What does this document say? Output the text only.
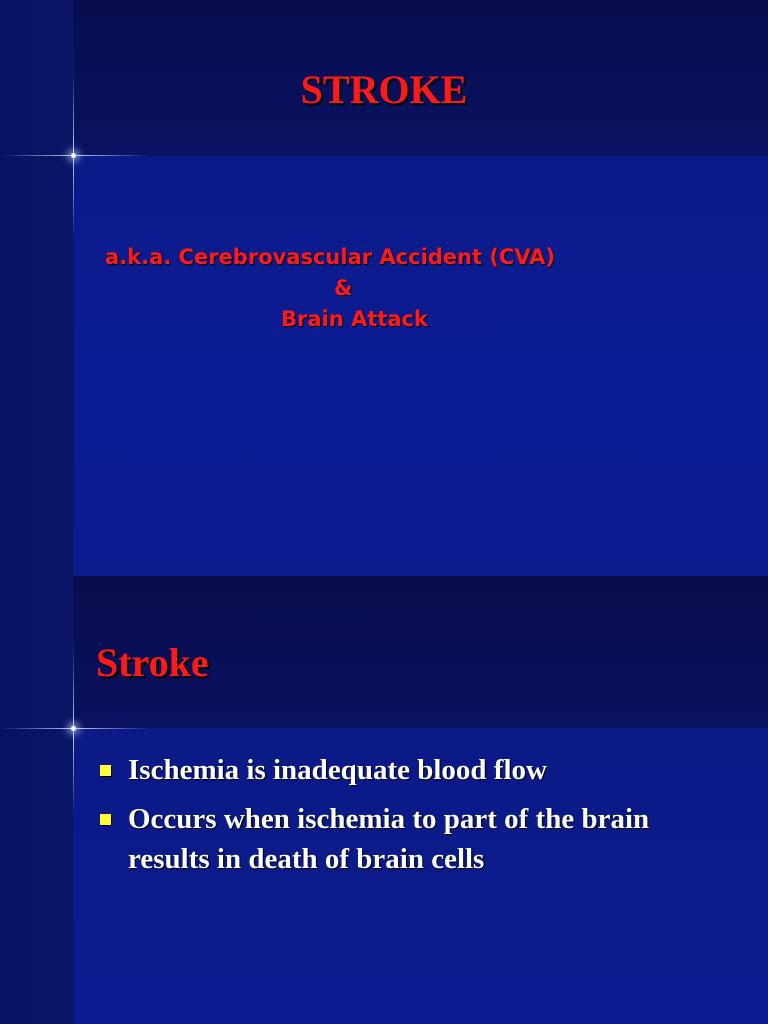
STROKE
a.k.a. Cerebrovascular Accident (CVA)
&
Brain Attack
Stroke
Ischemia is inadequate blood flow
Occurs when ischemia to part of the brain results in death of brain cells
